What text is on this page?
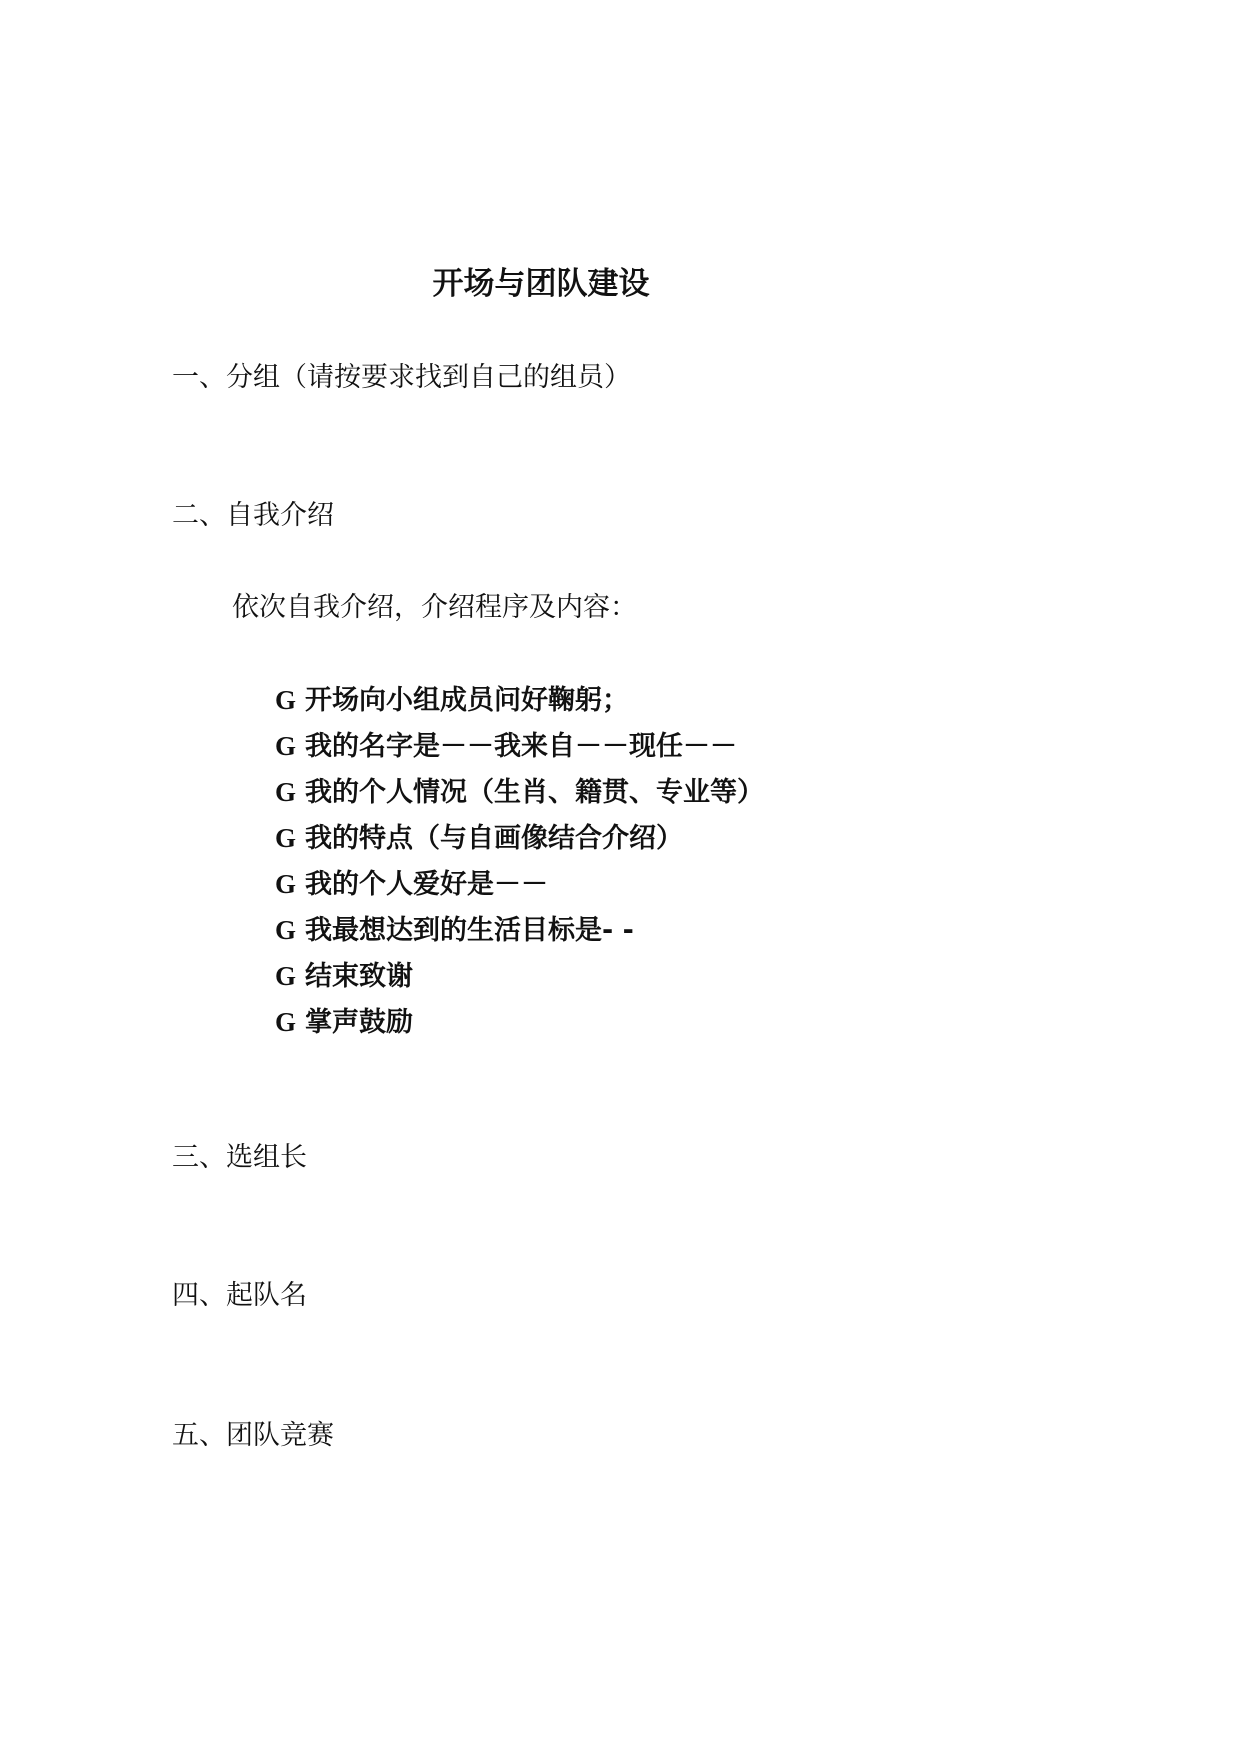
开场与团队建设
一、分组（请按要求找到自己的组员）
二、自我介绍
依次自我介绍，介绍程序及内容：
G 开场向小组成员问好鞠躬；
G 我的名字是－－我来自－－现任－－
G 我的个人情况（生肖、籍贯、专业等）
G 我的特点（与自画像结合介绍）
G 我的个人爱好是－－
G 我最想达到的生活目标是- -
G 结束致谢
G 掌声鼓励
三、选组长
四、起队名
五、团队竞赛
